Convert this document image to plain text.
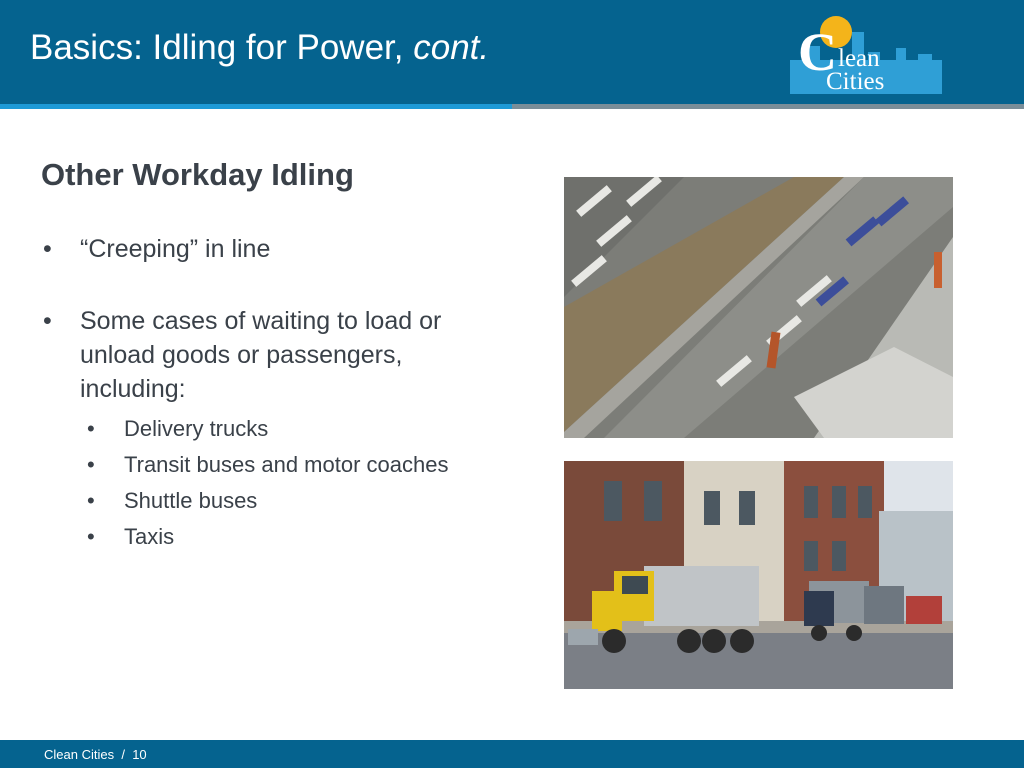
Basics: Idling for Power, cont.	C lean
Cities
Other Workday Idling
• “Creeping” in line
• Some cases of waiting to load or unload goods or passengers, including:
• Delivery trucks
• Transit buses and motor coaches
• Shuttle buses
• Taxis
Clean Cities / 10
